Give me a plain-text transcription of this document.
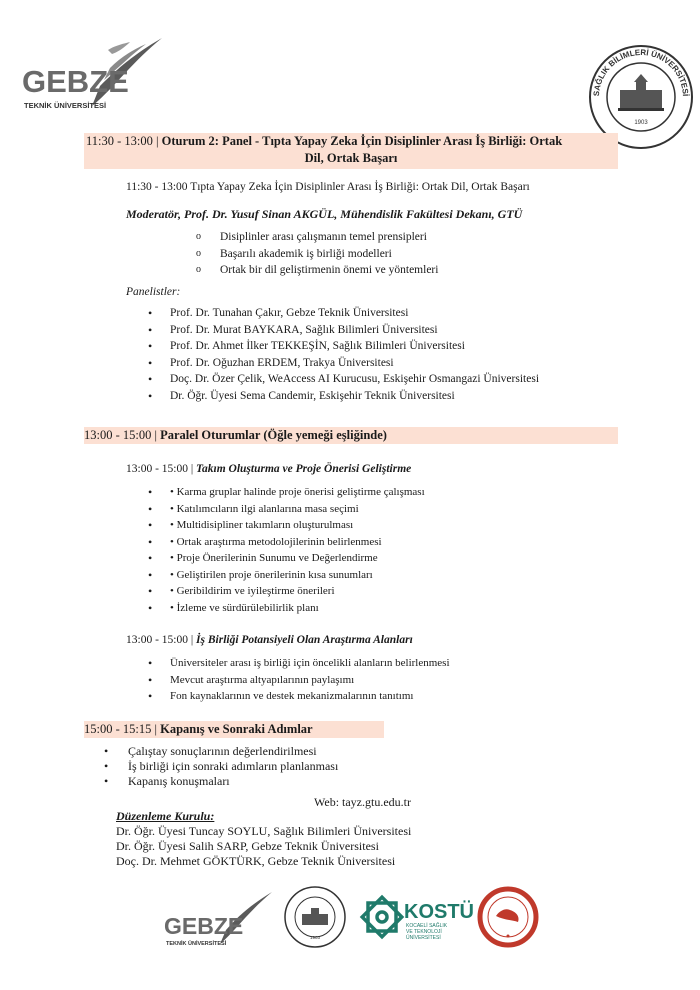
GEBZE
TEKNİK ÜNİVERSİTESİ
SAĞLIK BİLİMLERİ ÜNİVERSİTESİ
1903
11:30 - 13:00 | Oturum 2: Panel - Tıpta Yapay Zeka İçin Disiplinler Arası İş Birliği: Ortak
Dil, Ortak Başarı
11:30 - 13:00 Tıpta Yapay Zeka İçin Disiplinler Arası İş Birliği: Ortak Dil, Ortak Başarı
Moderatör, Prof. Dr. Yusuf Sinan AKGÜL, Mühendislik Fakültesi Dekanı, GTÜ
o Disiplinler arası çalışmanın temel prensipleri
o Başarılı akademik iş birliği modelleri
o Ortak bir dil geliştirmenin önemi ve yöntemleri
Panelistler:
• Prof. Dr. Tunahan Çakır, Gebze Teknik Üniversitesi
• Prof. Dr. Murat BAYKARA, Sağlık Bilimleri Üniversitesi
• Prof. Dr. Ahmet İlker TEKKEŞİN, Sağlık Bilimleri Üniversitesi
• Prof. Dr. Oğuzhan ERDEM, Trakya Üniversitesi
• Doç. Dr. Özer Çelik, WeAccess AI Kurucusu, Eskişehir Osmangazi Üniversitesi
• Dr. Öğr. Üyesi Sema Candemir, Eskişehir Teknik Üniversitesi
13:00 - 15:00 | Paralel Oturumlar (Öğle yemeği eşliğinde)
13:00 - 15:00 | Takım Oluşturma ve Proje Önerisi Geliştirme
• • Karma gruplar halinde proje önerisi geliştirme çalışması
• • Katılımcıların ilgi alanlarına masa seçimi
• • Multidisipliner takımların oluşturulması
• • Ortak araştırma metodolojilerinin belirlenmesi
• • Proje Önerilerinin Sunumu ve Değerlendirme
• • Geliştirilen proje önerilerinin kısa sunumları
• • Geribildirim ve iyileştirme önerileri
• • İzleme ve sürdürülebilirlik planı
13:00 - 15:00 | İş Birliği Potansiyeli Olan Araştırma Alanları
• Üniversiteler arası iş birliği için öncelikli alanların belirlenmesi
• Mevcut araştırma altyapılarının paylaşımı
• Fon kaynaklarının ve destek mekanizmalarının tanıtımı
15:00 - 15:15 | Kapanış ve Sonraki Adımlar
• Çalıştay sonuçlarının değerlendirilmesi
• İş birliği için sonraki adımların planlanması
• Kapanış konuşmaları
Web: tayz.gtu.edu.tr
Düzenleme Kurulu:
Dr. Öğr. Üyesi Tuncay SOYLU, Sağlık Bilimleri Üniversitesi
Dr. Öğr. Üyesi Salih SARP, Gebze Teknik Üniversitesi
Doç. Dr. Mehmet GÖKTÜRK, Gebze Teknik Üniversitesi
GEBZE
TEKNİK ÜNİVERSİTESİ
1903
KOSTÜ
KOCAELİ SAĞLIK
VE TEKNOLOJİ
ÜNİVERSİTESİ
